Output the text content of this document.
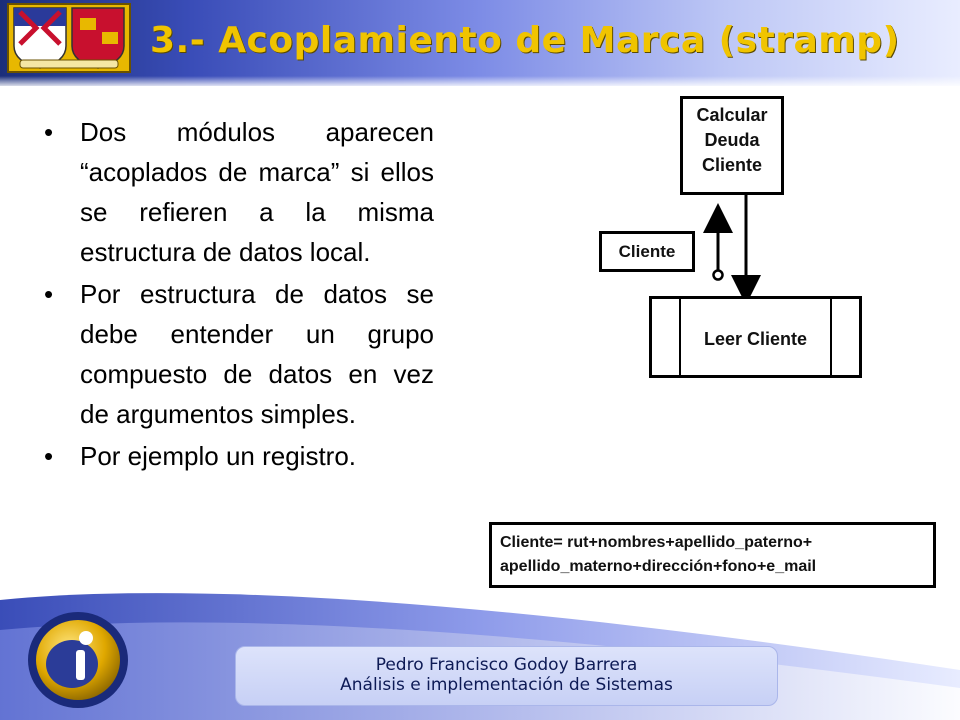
3.- Acoplamiento de Marca (stramp)
• Dos módulos aparecen “acoplados de marca” si ellos se refieren a la misma estructura de datos local.
• Por estructura de datos se debe entender un grupo compuesto de datos en vez de argumentos simples.
• Por ejemplo un registro.
Calcular
Deuda
Cliente
Cliente
Leer Cliente
Cliente= rut+nombres+apellido_paterno+
apellido_materno+dirección+fono+e_mail
Pedro Francisco Godoy Barrera
Análisis e implementación de Sistemas
